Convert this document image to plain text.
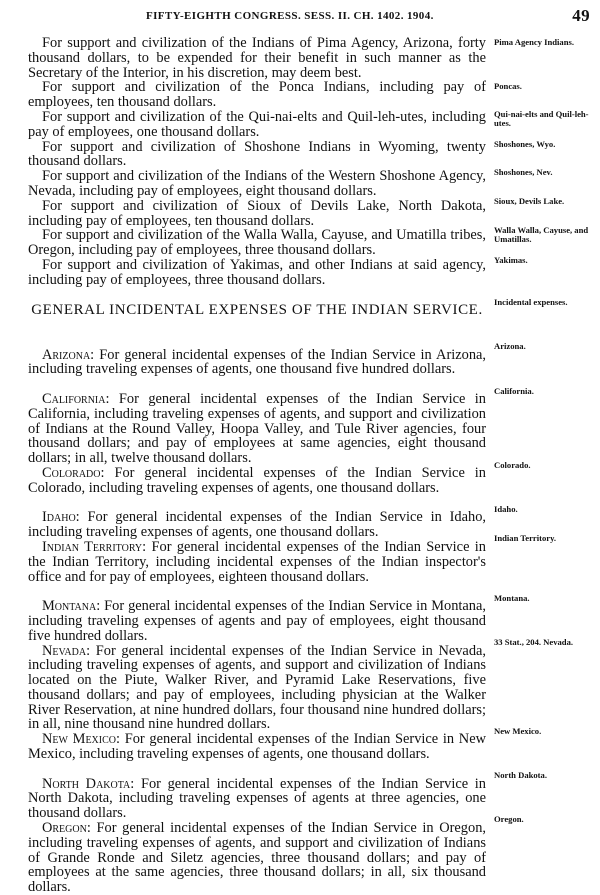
FIFTY-EIGHTH CONGRESS. SESS. II. CH. 1402. 1904.	49

For support and civilization of the Indians of Pima Agency, Arizona, forty thousand dollars, to be expended for their benefit in such manner as the Secretary of the Interior, in his discretion, may deem best.

For support and civilization of the Ponca Indians, including pay of employees, ten thousand dollars.

For support and civilization of the Qui-nai-elts and Quil-leh-utes, including pay of employees, one thousand dollars.

For support and civilization of Shoshone Indians in Wyoming, twenty thousand dollars.

For support and civilization of the Indians of the Western Shoshone Agency, Nevada, including pay of employees, eight thousand dollars.

For support and civilization of Sioux of Devils Lake, North Dakota, including pay of employees, ten thousand dollars.

For support and civilization of the Walla Walla, Cayuse, and Umatilla tribes, Oregon, including pay of employees, three thousand dollars.

For support and civilization of Yakimas, and other Indians at said agency, including pay of employees, three thousand dollars.

GENERAL INCIDENTAL EXPENSES OF THE INDIAN SERVICE.

Arizona: For general incidental expenses of the Indian Service in Arizona, including traveling expenses of agents, one thousand five hundred dollars.

California: For general incidental expenses of the Indian Service in California, including traveling expenses of agents, and support and civilization of Indians at the Round Valley, Hoopa Valley, and Tule River agencies, four thousand dollars; and pay of employees at same agencies, eight thousand dollars; in all, twelve thousand dollars.

Colorado: For general incidental expenses of the Indian Service in Colorado, including traveling expenses of agents, one thousand dollars.

Idaho: For general incidental expenses of the Indian Service in Idaho, including traveling expenses of agents, one thousand dollars.

Indian Territory: For general incidental expenses of the Indian Service in the Indian Territory, including incidental expenses of the Indian inspector's office and for pay of employees, eighteen thousand dollars.

Montana: For general incidental expenses of the Indian Service in Montana, including traveling expenses of agents and pay of employees, eight thousand five hundred dollars.

Nevada: For general incidental expenses of the Indian Service in Nevada, including traveling expenses of agents, and support and civilization of Indians located on the Piute, Walker River, and Pyramid Lake Reservations, five thousand dollars; and pay of employees, including physician at the Walker River Reservation, at nine hundred dollars, four thousand nine hundred dollars; in all, nine thousand nine hundred dollars.

New Mexico: For general incidental expenses of the Indian Service in New Mexico, including traveling expenses of agents, one thousand dollars.

North Dakota: For general incidental expenses of the Indian Service in North Dakota, including traveling expenses of agents at three agencies, one thousand dollars.

Oregon: For general incidental expenses of the Indian Service in Oregon, including traveling expenses of agents, and support and civilization of Indians of Grande Ronde and Siletz agencies, three thousand dollars; and pay of employees at the same agencies, three thousand dollars; in all, six thousand dollars.

Pima Agency Indians.
Poncas.
Qui-nai-elts and Quil-leh-utes.
Shoshones, Wyo.
Shoshones, Nev.
Sioux, Devils Lake.
Walla Walla, Cayuse, and Umatillas.
Yakimas.
Incidental expenses.
Arizona.
California.
Colorado.
Idaho.
Indian Territory.
Montana.
33 Stat., 204. Nevada.
New Mexico.
North Dakota.
Oregon.
